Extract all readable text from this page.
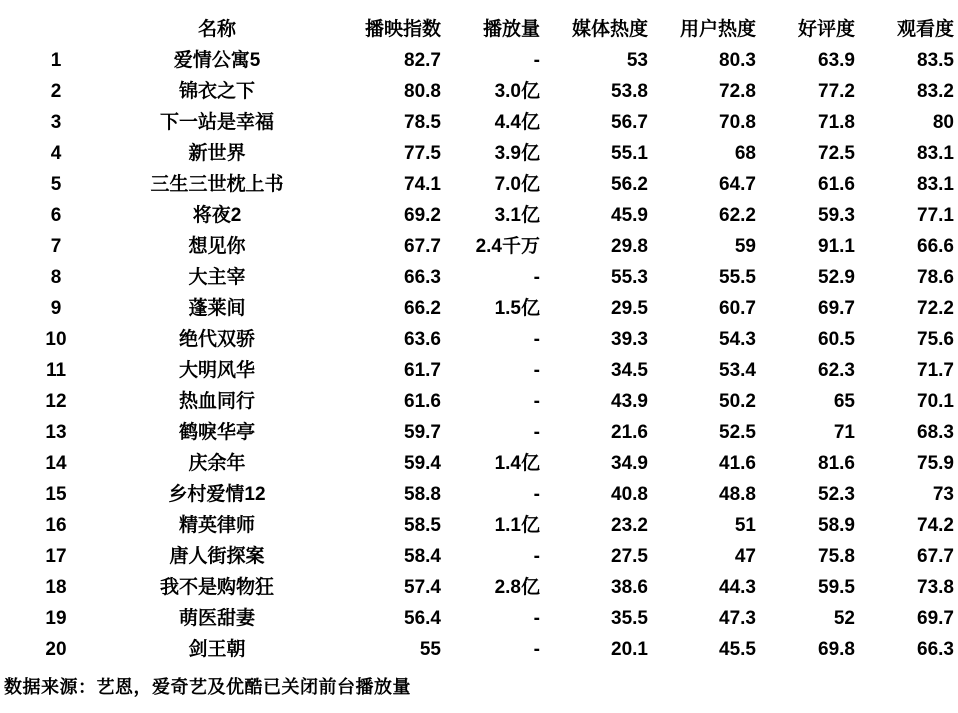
	名称	播映指数	播放量	媒体热度	用户热度	好评度	观看度
1	爱情公寓5	82.7	-	53	80.3	63.9	83.5
2	锦衣之下	80.8	3.0亿	53.8	72.8	77.2	83.2
3	下一站是幸福	78.5	4.4亿	56.7	70.8	71.8	80
4	新世界	77.5	3.9亿	55.1	68	72.5	83.1
5	三生三世枕上书	74.1	7.0亿	56.2	64.7	61.6	83.1
6	将夜2	69.2	3.1亿	45.9	62.2	59.3	77.1
7	想见你	67.7	2.4千万	29.8	59	91.1	66.6
8	大主宰	66.3	-	55.3	55.5	52.9	78.6
9	蓬莱间	66.2	1.5亿	29.5	60.7	69.7	72.2
10	绝代双骄	63.6	-	39.3	54.3	60.5	75.6
11	大明风华	61.7	-	34.5	53.4	62.3	71.7
12	热血同行	61.6	-	43.9	50.2	65	70.1
13	鹤唳华亭	59.7	-	21.6	52.5	71	68.3
14	庆余年	59.4	1.4亿	34.9	41.6	81.6	75.9
15	乡村爱情12	58.8	-	40.8	48.8	52.3	73
16	精英律师	58.5	1.1亿	23.2	51	58.9	74.2
17	唐人街探案	58.4	-	27.5	47	75.8	67.7
18	我不是购物狂	57.4	2.8亿	38.6	44.3	59.5	73.8
19	萌医甜妻	56.4	-	35.5	47.3	52	69.7
20	剑王朝	55	-	20.1	45.5	69.8	66.3
数据来源：艺恩，爱奇艺及优酷已关闭前台播放量
